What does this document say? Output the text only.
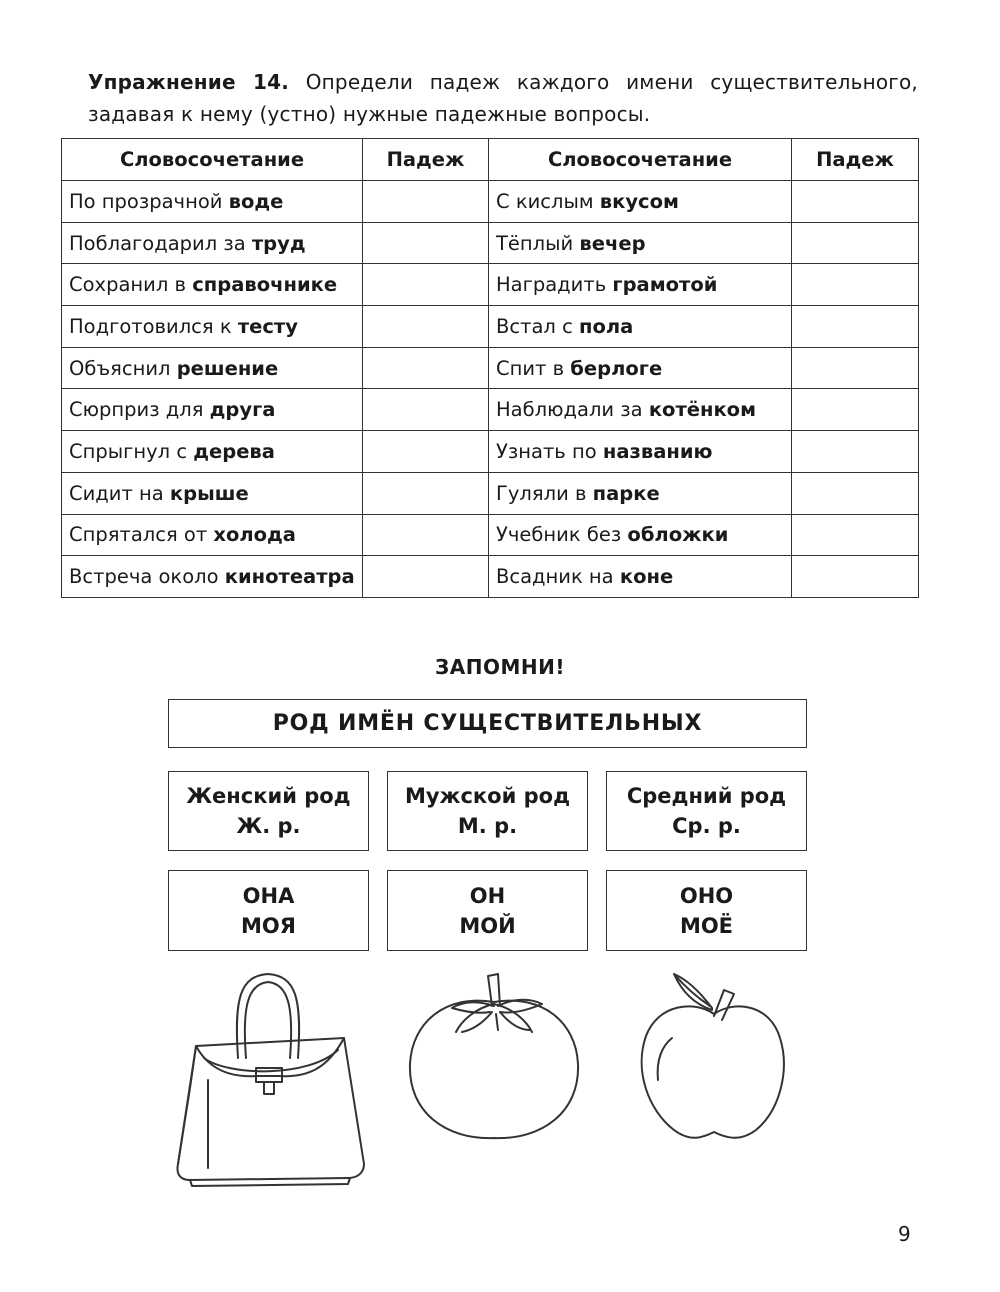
Упражнение 14. Определи падеж каждого имени существительного, задавая к нему (устно) нужные падежные вопросы.
Словосочетание	Падеж	Словосочетание	Падеж
По прозрачной воде		С кислым вкусом	
Поблагодарил за труд		Тёплый вечер	
Сохранил в справочнике		Наградить грамотой	
Подготовился к тесту		Встал с пола	
Объяснил решение		Спит в берлоге	
Сюрприз для друга		Наблюдали за котёнком	
Спрыгнул с дерева		Узнать по названию	
Сидит на крыше		Гуляли в парке	
Спрятался от холода		Учебник без обложки	
Встреча около кинотеатра		Всадник на коне	
ЗАПОМНИ!
РОД ИМЁН СУЩЕСТВИТЕЛЬНЫХ
Женский род
Ж. р.
Мужской род
М. р.
Средний род
Ср. р.
ОНА
МОЯ
ОН
МОЙ
ОНО
МОЁ
9
